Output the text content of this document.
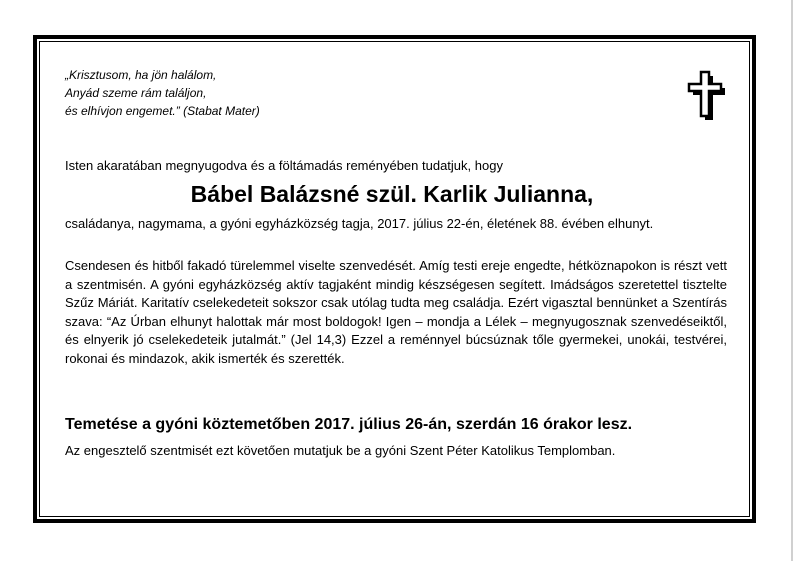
„Krisztusom, ha jön halálom,
Anyád szeme rám találjon,
és elhívjon engemet.” (Stabat Mater)
Isten akaratában megnyugodva és a föltámadás reményében tudatjuk, hogy
Bábel Balázsné szül. Karlik Julianna,
családanya, nagymama, a gyóni egyházközség tagja, 2017. július 22-én, életének 88. évében elhunyt.

Csendesen és hitből fakadó türelemmel viselte szenvedését. Amíg testi ereje engedte, hétköznapokon is részt vett a szentmisén. A gyóni egyházközség aktív tagjaként mindig készségesen segített. Imádságos szeretettel tisztelte Szűz Máriát. Karitatív cselekedeteit sokszor csak utólag tudta meg családja. Ezért vigasztal bennünket a Szentírás szava: “Az Úrban elhunyt halottak már most boldogok! Igen – mondja a Lélek – megnyugosznak szenvedéseiktől, és elnyerik jó cselekedeteik jutalmát.” (Jel 14,3) Ezzel a reménnyel búcsúznak tőle gyermekei, unokái, testvérei, rokonai és mindazok, akik ismerték és szerették.

Temetése a gyóni köztemetőben 2017. július 26-án, szerdán 16 órakor lesz.
Az engesztelő szentmisét ezt követően mutatjuk be a gyóni Szent Péter Katolikus Templomban.
